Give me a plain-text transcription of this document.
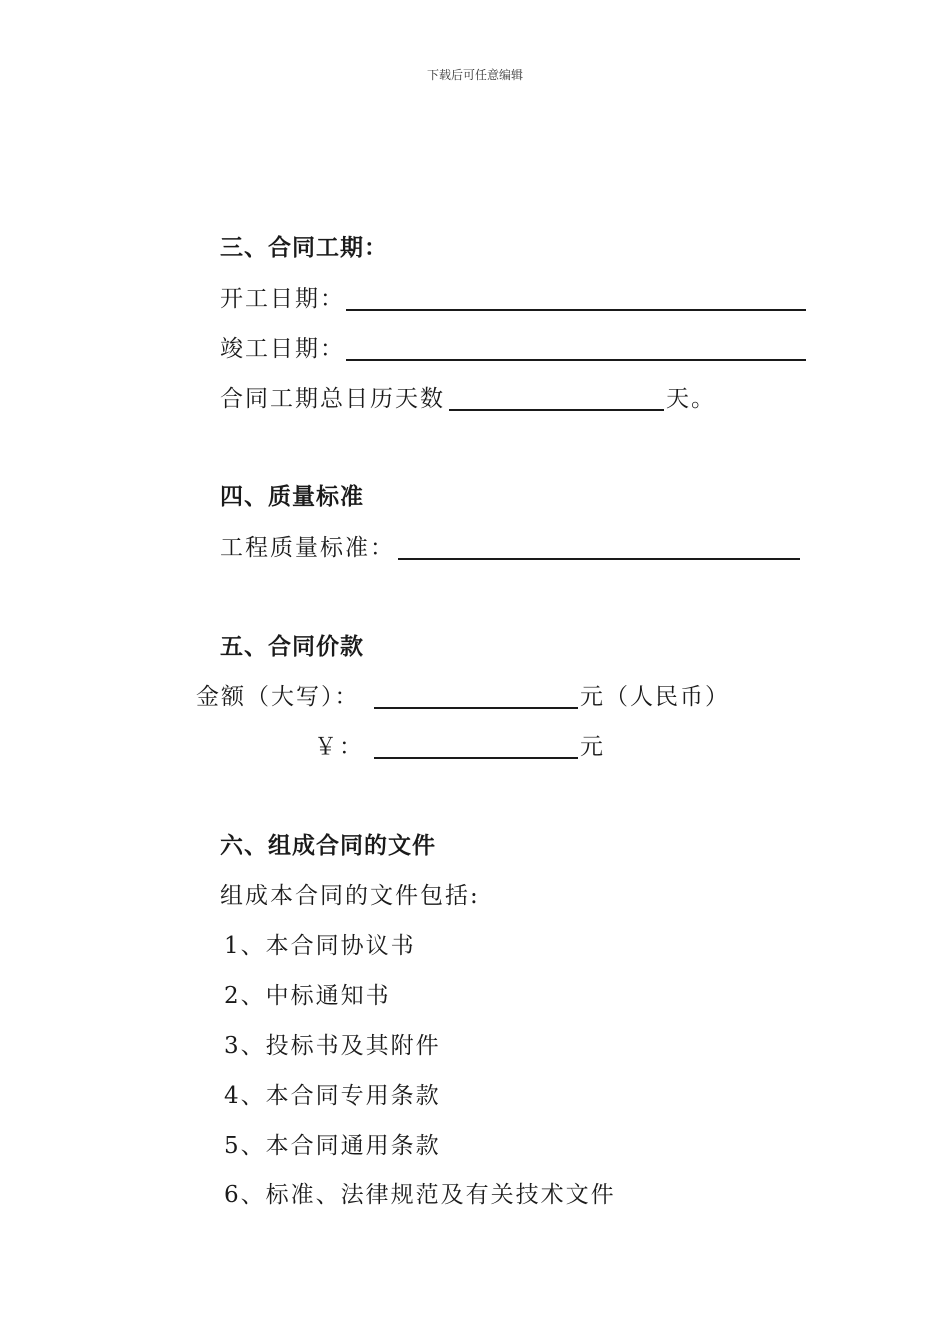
下载后可任意编辑
三、合同工期：
开工日期：
竣工日期：
合同工期总日历天数	天。
四、质量标准
工程质量标准：
五、合同价款
金额（大写）：	元（人民币）
￥：	元
六、组成合同的文件
组成本合同的文件包括:
1、本合同协议书
2、中标通知书
3、投标书及其附件
4、本合同专用条款
5、本合同通用条款
6、标准、法律规范及有关技术文件
